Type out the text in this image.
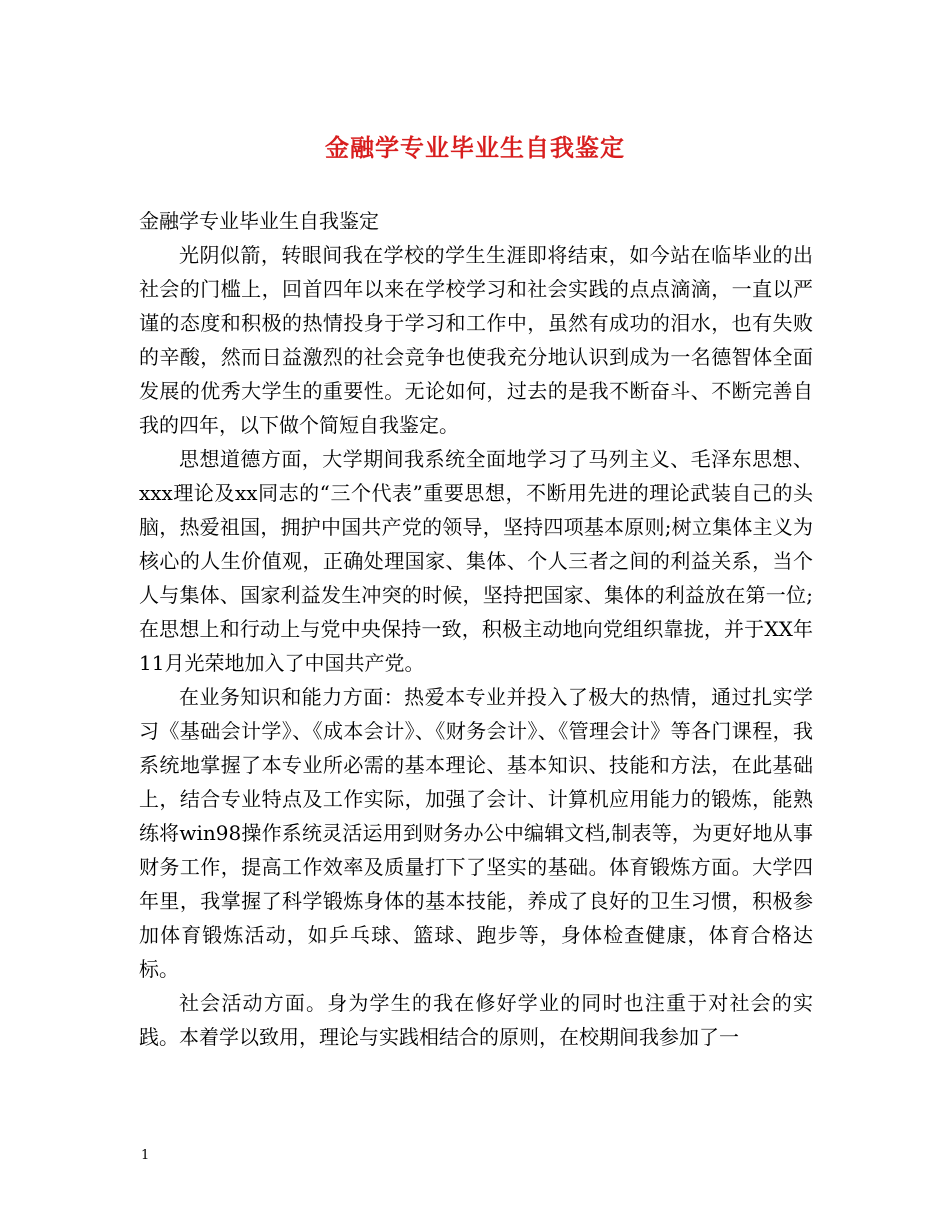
金融学专业毕业生自我鉴定

金融学专业毕业生自我鉴定

光阴似箭，转眼间我在学校的学生生涯即将结束，如今站在临毕业的出社会的门槛上，回首四年以来在学校学习和社会实践的点点滴滴，一直以严谨的态度和积极的热情投身于学习和工作中，虽然有成功的泪水，也有失败的辛酸，然而日益激烈的社会竞争也使我充分地认识到成为一名德智体全面发展的优秀大学生的重要性。无论如何，过去的是我不断奋斗、不断完善自我的四年，以下做个简短自我鉴定。

思想道德方面，大学期间我系统全面地学习了马列主义、毛泽东思想、xxx理论及xx同志的“三个代表”重要思想，不断用先进的理论武装自己的头脑，热爱祖国，拥护中国共产党的领导，坚持四项基本原则;树立集体主义为核心的人生价值观，正确处理国家、集体、个人三者之间的利益关系，当个人与集体、国家利益发生冲突的时候，坚持把国家、集体的利益放在第一位;在思想上和行动上与党中央保持一致，积极主动地向党组织靠拢，并于XX年11月光荣地加入了中国共产党。

在业务知识和能力方面：热爱本专业并投入了极大的热情，通过扎实学习《基础会计学》、《成本会计》、《财务会计》、《管理会计》等各门课程，我系统地掌握了本专业所必需的基本理论、基本知识、技能和方法，在此基础上，结合专业特点及工作实际，加强了会计、计算机应用能力的锻炼，能熟练将win98操作系统灵活运用到财务办公中编辑文档,制表等，为更好地从事财务工作，提高工作效率及质量打下了坚实的基础。体育锻炼方面。大学四年里，我掌握了科学锻炼身体的基本技能，养成了良好的卫生习惯，积极参加体育锻炼活动，如乒乓球、篮球、跑步等，身体检查健康，体育合格达标。

社会活动方面。身为学生的我在修好学业的同时也注重于对社会的实践。本着学以致用，理论与实践相结合的原则，在校期间我参加了一

1
